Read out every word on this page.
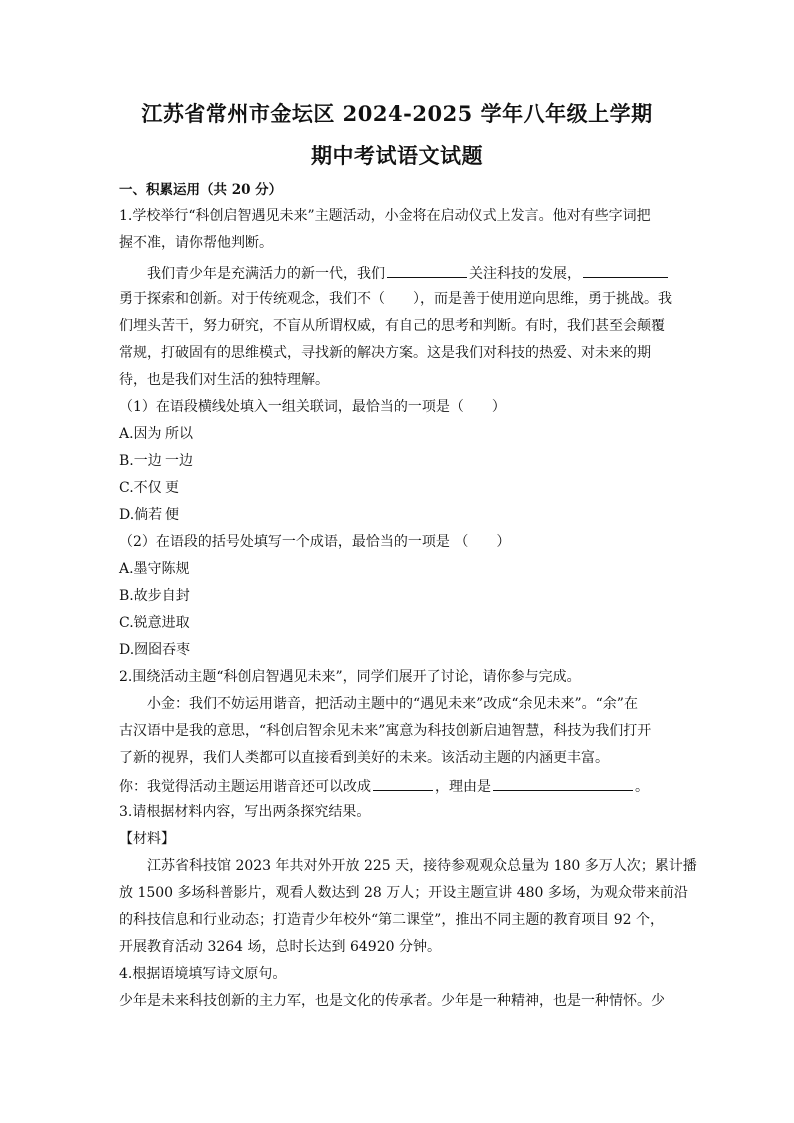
江苏省常州市金坛区 2024-2025 学年八年级上学期
期中考试语文试题
一、积累运用（共 20 分）
1.学校举行“科创启智遇见未来”主题活动，小金将在启动仪式上发言。他对有些字词把
握不准，请你帮他判断。
我们青少年是充满活力的新一代，我们	关注科技的发展，
勇于探索和创新。对于传统观念，我们不（　　），而是善于使用逆向思维，勇于挑战。我
们埋头苦干，努力研究，不盲从所谓权威，有自己的思考和判断。有时，我们甚至会颠覆
常规，打破固有的思维模式，寻找新的解决方案。这是我们对科技的热爱、对未来的期
待，也是我们对生活的独特理解。
（1）在语段横线处填入一组关联词，最恰当的一项是（　　）
A.因为 所以
B.一边 一边
C.不仅 更
D.倘若 便
（2）在语段的括号处填写一个成语，最恰当的一项是 （　　）
A.墨守陈规
B.故步自封
C.锐意进取
D.囫囵吞枣
2.围绕活动主题“科创启智遇见未来”，同学们展开了讨论，请你参与完成。
小金：我们不妨运用谐音，把活动主题中的“遇见未来”改成“余见未来”。“余”在
古汉语中是我的意思，“科创启智余见未来”寓意为科技创新启迪智慧，科技为我们打开
了新的视界，我们人类都可以直接看到美好的未来。该活动主题的内涵更丰富。
你：我觉得活动主题运用谐音还可以改成	，理由是	。
3.请根据材料内容，写出两条探究结果。
【材料】
江苏省科技馆 2023 年共对外开放 225 天，接待参观观众总量为 180 多万人次；累计播
放 1500 多场科普影片，观看人数达到 28 万人；开设主题宣讲 480 多场，为观众带来前沿
的科技信息和行业动态；打造青少年校外“第二课堂”，推出不同主题的教育项目 92 个，
开展教育活动 3264 场，总时长达到 64920 分钟。
4.根据语境填写诗文原句。
少年是未来科技创新的主力军，也是文化的传承者。少年是一种精神，也是一种情怀。少
